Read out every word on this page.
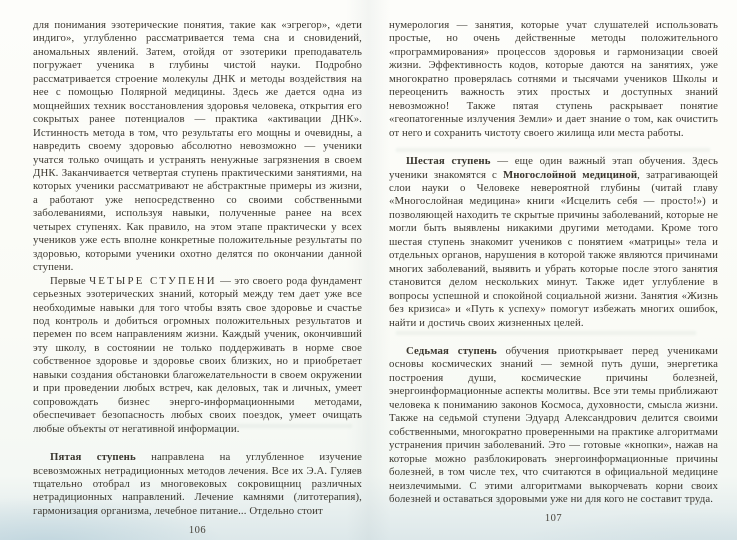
для понимания эзотерические понятия, такие как «эгрегор», «дети индиго», углубленно рассматривается тема сна и сновидений, аномальных явлений. Затем, отойдя от эзотерики преподаватель погружает ученика в глубины чистой науки. Подробно рассматривается строение молекулы ДНК и методы воздействия на нее с помощью Полярной медицины. Здесь же дается одна из мощнейших техник восстановления здоровья человека, открытия его сокрытых ранее потенциалов — практика «активации ДНК». Истинность метода в том, что результаты его мощны и очевидны, а навредить своему здоровью абсолютно невозможно — ученики учатся только очищать и устранять ненужные загрязнения в своем ДНК. Заканчивается четвертая ступень практическими занятиями, на которых ученики рассматривают не абстрактные примеры из жизни, а работают уже непосредственно со своими собственными заболеваниями, используя навыки, полученные ранее на всех четырех ступенях. Как правило, на этом этапе практически у всех учеников уже есть вполне конкретные положительные результаты по здоровью, которыми ученики охотно делятся по окончании данной ступени.

Первые ЧЕТЫРЕ СТУПЕНИ — это своего рода фундамент серьезных эзотерических знаний, который между тем дает уже все необходимые навыки для того чтобы взять свое здоровье и счастье под контроль и добиться огромных положительных результатов и перемен по всем направлениям жизни. Каждый ученик, окончивший эту школу, в состоянии не только поддерживать в норме свое собственное здоровье и здоровье своих близких, но и приобретает навыки создания обстановки благожелательности в своем окружении и при проведении любых встреч, как деловых, так и личных, умеет сопровождать бизнес энерго-информационными методами, обеспечивает безопасность любых своих поездок, умеет очищать любые объекты от негативной информации.

Пятая ступень направлена на углубленное изучение всевозможных нетрадиционных методов лечения. Все их Э.А. Гуляев тщательно отобрал из многовековых сокровищниц различных нетрадиционных направлений. Лечение камнями (литотерапия), гармонизация организма, лечебное питание... Отдельно стоит

106

нумерология — занятия, которые учат слушателей использовать простые, но очень действенные методы положительного «программирования» процессов здоровья и гармонизации своей жизни. Эффективность кодов, которые даются на занятиях, уже многократно проверялась сотнями и тысячами учеников Школы и переоценить важность этих простых и доступных знаний невозможно! Также пятая ступень раскрывает понятие «геопатогенные излучения Земли» и дает знание о том, как очистить от него и сохранить чистоту своего жилища или места работы.

Шестая ступень — еще один важный этап обучения. Здесь ученики знакомятся с Многослойной медициной, затрагивающей слои науки о Человеке невероятной глубины (читай главу «Многослойная медицина» книги «Исцелить себя — просто!») и позволяющей находить те скрытые причины заболеваний, которые не могли быть выявлены никакими другими методами. Кроме того шестая ступень знакомит учеников с понятием «матрицы» тела и отдельных органов, нарушения в которой также являются причинами многих заболеваний, выявить и убрать которые после этого занятия становится делом нескольких минут. Также идет углубление в вопросы успешной и спокойной социальной жизни. Занятия «Жизнь без кризиса» и «Путь к успеху» помогут избежать многих ошибок, найти и достичь своих жизненных целей.

Седьмая ступень обучения приоткрывает перед учениками основы космических знаний — земной путь души, энергетика построения души, космические причины болезней, энергоинформационные аспекты молитвы. Все эти темы приближают человека к пониманию законов Космоса, духовности, смысла жизни. Также на седьмой ступени Эдуард Александрович делится своими собственными, многократно проверенными на практике алгоритмами устранения причин заболеваний. Это — готовые «кнопки», нажав на которые можно разблокировать энергоинформационные причины болезней, в том числе тех, что считаются в официальной медицине неизлечимыми. С этими алгоритмами выкорчевать корни своих болезней и оставаться здоровыми уже ни для кого не составит труда.

107
